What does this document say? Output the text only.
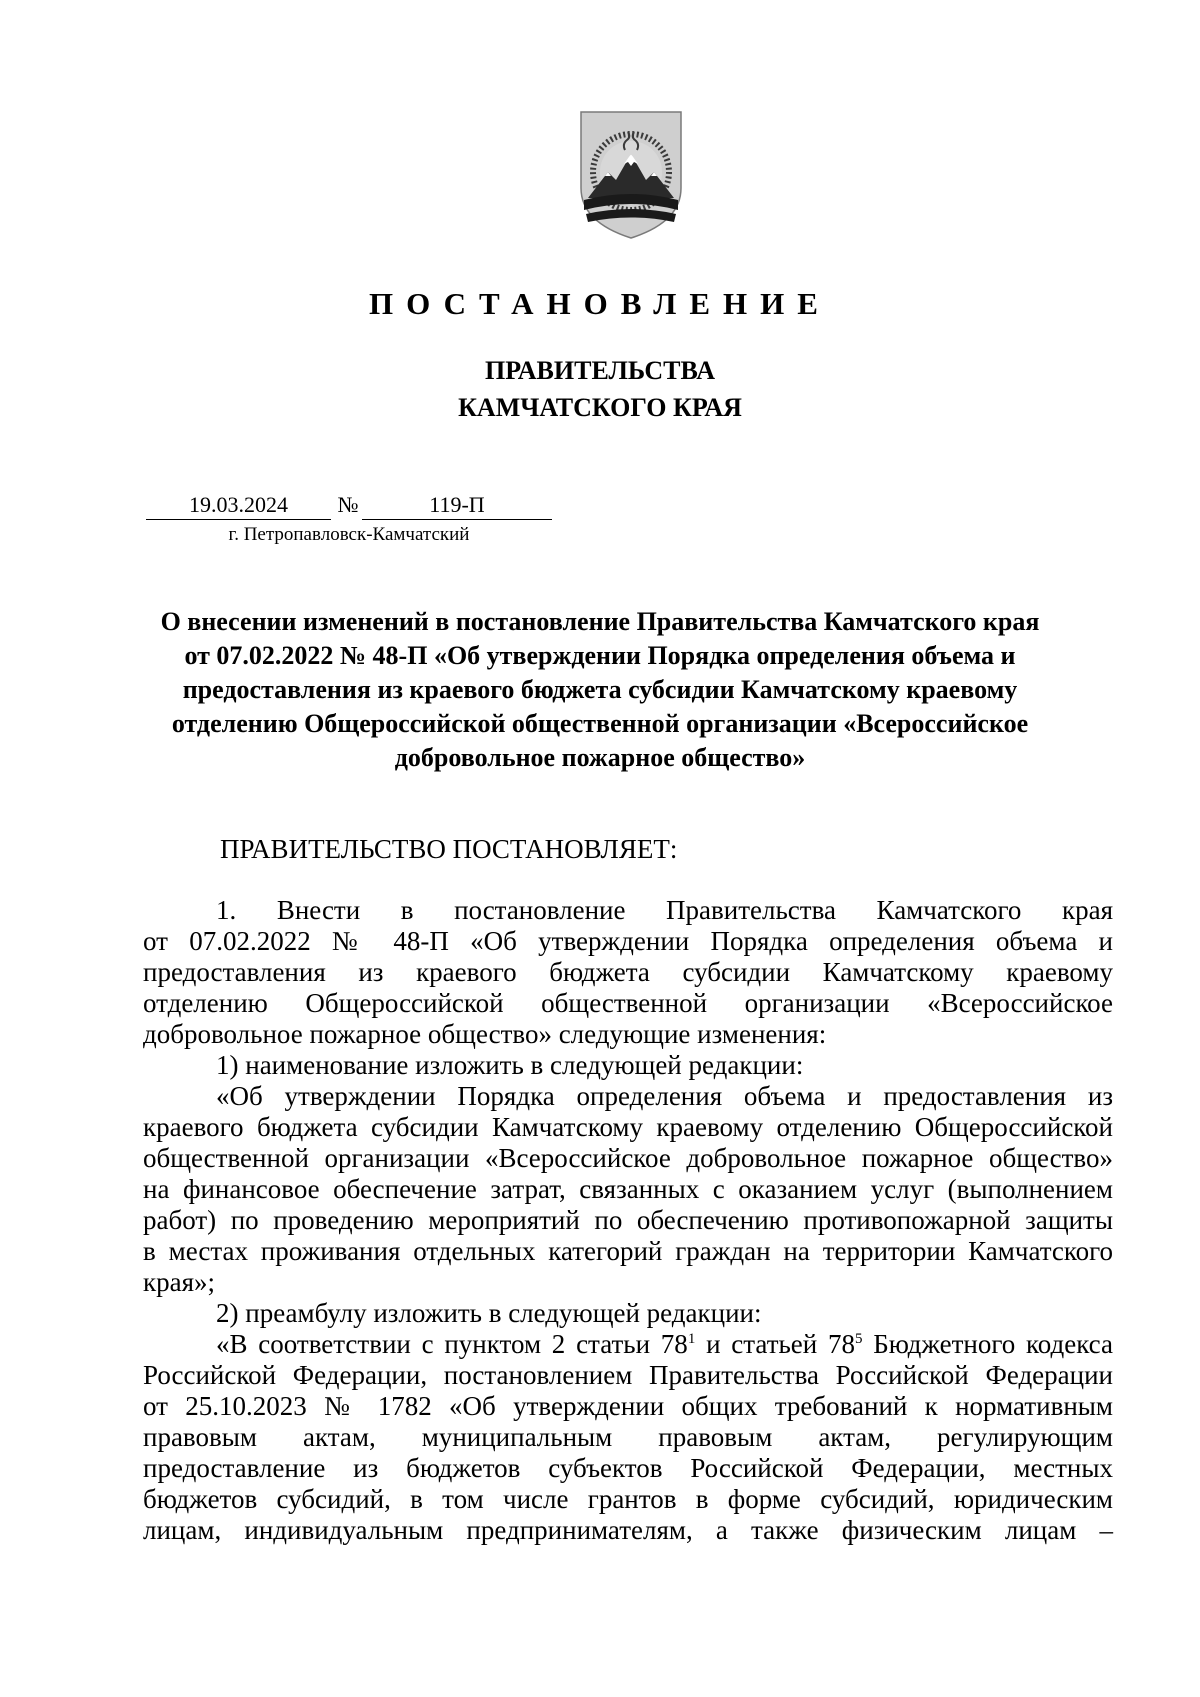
ПОСТАНОВЛЕНИЕ
ПРАВИТЕЛЬСТВА
КАМЧАТСКОГО КРАЯ
19.03.2024	№	119-П
г. Петропавловск-Камчатский
О внесении изменений в постановление Правительства Камчатского края
от 07.02.2022 № 48-П «Об утверждении Порядка определения объема и
предоставления из краевого бюджета субсидии Камчатскому краевому
отделению Общероссийской общественной организации «Всероссийское
добровольное пожарное общество»
ПРАВИТЕЛЬСТВО ПОСТАНОВЛЯЕТ:
1. Внести в постановление Правительства Камчатского края
от 07.02.2022 № 48-П «Об утверждении Порядка определения объема и
предоставления из краевого бюджета субсидии Камчатскому краевому
отделению Общероссийской общественной организации «Всероссийское
добровольное пожарное общество» следующие изменения:
1) наименование изложить в следующей редакции:
«Об утверждении Порядка определения объема и предоставления из
краевого бюджета субсидии Камчатскому краевому отделению Общероссийской
общественной организации «Всероссийское добровольное пожарное общество»
на финансовое обеспечение затрат, связанных с оказанием услуг (выполнением
работ) по проведению мероприятий по обеспечению противопожарной защиты
в местах проживания отдельных категорий граждан на территории Камчатского
края»;
2) преамбулу изложить в следующей редакции:
«В соответствии с пунктом 2 статьи $78^1$ и статьей $78^5$ Бюджетного кодекса
Российской Федерации, постановлением Правительства Российской Федерации
от 25.10.2023 № 1782 «Об утверждении общих требований к нормативным
правовым актам, муниципальным правовым актам, регулирующим
предоставление из бюджетов субъектов Российской Федерации, местных
бюджетов субсидий, в том числе грантов в форме субсидий, юридическим
лицам, индивидуальным предпринимателям, а также физическим лицам –
